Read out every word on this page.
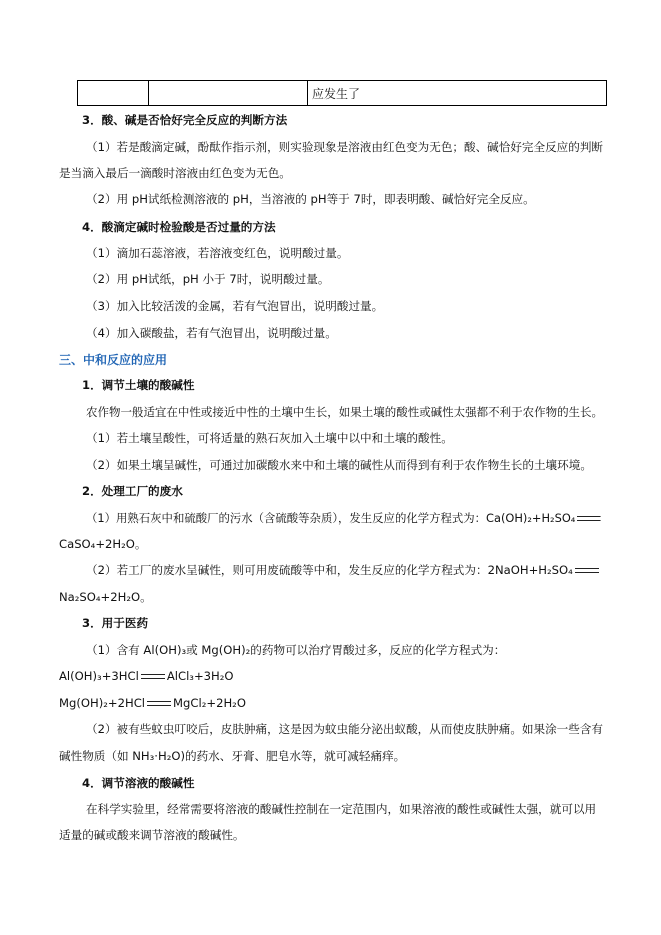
		应发生了
3．酸、碱是否恰好完全反应的判断方法
（1）若是酸滴定碱，酚酞作指示剂，则实验现象是溶液由红色变为无色；酸、碱恰好完全反应的判断
是当滴入最后一滴酸时溶液由红色变为无色。
（2）用 pH试纸检测溶液的 pH，当溶液的 pH等于 7时，即表明酸、碱恰好完全反应。
4．酸滴定碱时检验酸是否过量的方法
（1）滴加石蕊溶液，若溶液变红色，说明酸过量。
（2）用 pH试纸，pH 小于 7时，说明酸过量。
（3）加入比较活泼的金属，若有气泡冒出，说明酸过量。
（4）加入碳酸盐，若有气泡冒出，说明酸过量。
三、中和反应的应用
1．调节土壤的酸碱性
农作物一般适宜在中性或接近中性的土壤中生长，如果土壤的酸性或碱性太强都不利于农作物的生长。
（1）若土壤呈酸性，可将适量的熟石灰加入土壤中以中和土壤的酸性。
（2）如果土壤呈碱性，可通过加碳酸水来中和土壤的碱性从而得到有利于农作物生长的土壤环境。
2．处理工厂的废水
（1）用熟石灰中和硫酸厂的污水（含硫酸等杂质），发生反应的化学方程式为：Ca(OH)₂+H₂SO₄
CaSO₄+2H₂O。
（2）若工厂的废水呈碱性，则可用废硫酸等中和，发生反应的化学方程式为：2NaOH+H₂SO₄
Na₂SO₄+2H₂O。
3．用于医药
（1）含有 Al(OH)₃或 Mg(OH)₂的药物可以治疗胃酸过多，反应的化学方程式为：
Al(OH)₃+3HCl AlCl₃+3H₂O
Mg(OH)₂+2HCl MgCl₂+2H₂O
（2）被有些蚊虫叮咬后，皮肤肿痛，这是因为蚊虫能分泌出蚁酸，从而使皮肤肿痛。如果涂一些含有
碱性物质（如 NH₃·H₂O)的药水、牙膏、肥皂水等，就可减轻痛痒。
4．调节溶液的酸碱性
在科学实验里，经常需要将溶液的酸碱性控制在一定范围内，如果溶液的酸性或碱性太强，就可以用
适量的碱或酸来调节溶液的酸碱性。
